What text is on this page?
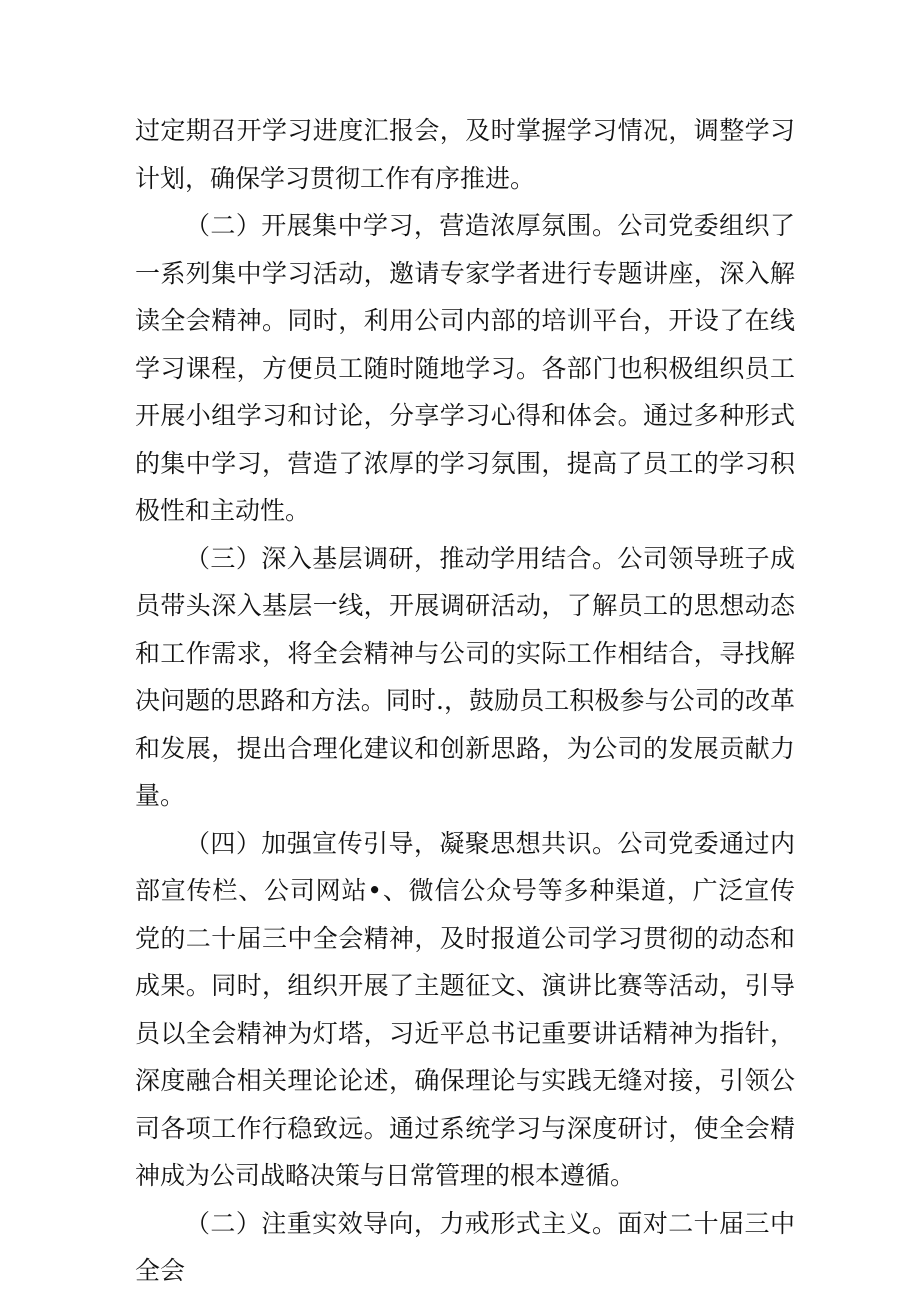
过定期召开学习进度汇报会，及时掌握学习情况，调整学习计划，确保学习贯彻工作有序推进。

（二）开展集中学习，营造浓厚氛围。公司党委组织了一系列集中学习活动，邀请专家学者进行专题讲座，深入解读全会精神。同时，利用公司内部的培训平台，开设了在线学习课程，方便员工随时随地学习。各部门也积极组织员工开展小组学习和讨论，分享学习心得和体会。通过多种形式的集中学习，营造了浓厚的学习氛围，提高了员工的学习积极性和主动性。

（三）深入基层调研，推动学用结合。公司领导班子成员带头深入基层一线，开展调研活动，了解员工的思想动态和工作需求，将全会精神与公司的实际工作相结合，寻找解决问题的思路和方法。同时.，鼓励员工积极参与公司的改革和发展，提出合理化建议和创新思路，为公司的发展贡献力量。

（四）加强宣传引导，凝聚思想共识。公司党委通过内部宣传栏、公司网站•、微信公众号等多种渠道，广泛宣传党的二十届三中全会精神，及时报道公司学习贯彻的动态和成果。同时，组织开展了主题征文、演讲比赛等活动，引导员以全会精神为灯塔，习近平总书记重要讲话精神为指针，深度融合相关理论论述，确保理论与实践无缝对接，引领公司各项工作行稳致远。通过系统学习与深度研讨，使全会精神成为公司战略决策与日常管理的根本遵循。

（二）注重实效导向，力戒形式主义。面对二十届三中全会
